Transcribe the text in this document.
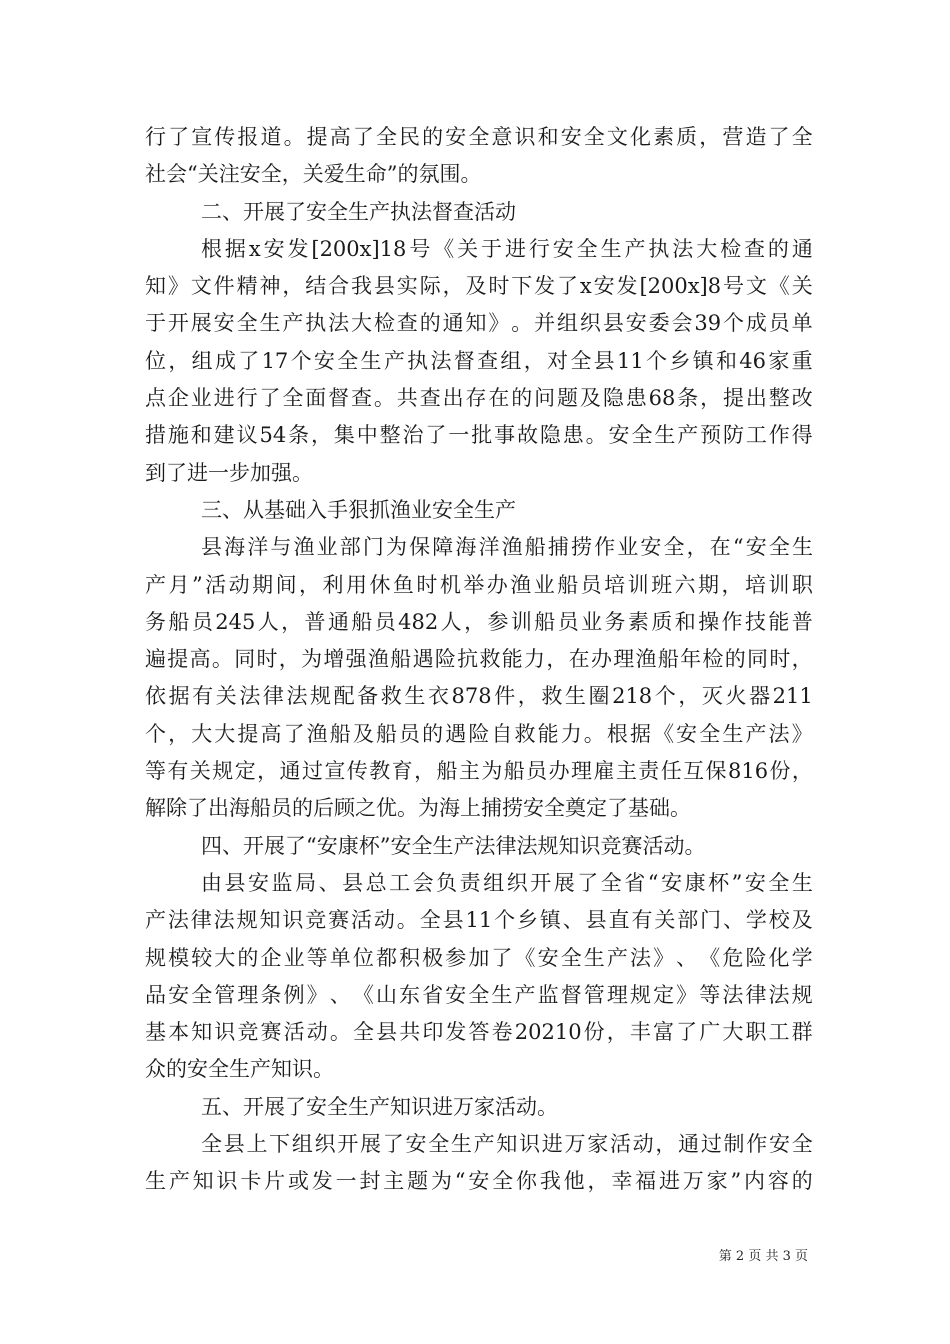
行 了 宣 传 报 道 。 提 高 了 全 民 的 安 全 意 识 和 安 全 文 化 素 质 ， 营 造 了 全
社会“关注安全，关爱生命”的氛围。
二、开展了安全生产执法督查活动
根 据 x 安 发 [200x]18 号 《 关 于 进 行 安 全 生 产 执 法 大 检 查 的 通
知 》 文 件 精 神 ， 结 合 我 县 实 际 ， 及 时 下 发 了 x 安 发 [200x]8 号 文 《 关
于 开 展 安 全 生 产 执 法 大 检 查 的 通 知 》 。 并 组 织 县 安 委 会 39 个 成 员 单
位 ， 组 成 了 17 个 安 全 生 产 执 法 督 查 组 ， 对 全 县 11 个 乡 镇 和 46 家 重
点 企 业 进 行 了 全 面 督 查 。 共 查 出 存 在 的 问 题 及 隐 患 68 条 ， 提 出 整 改
措 施 和 建 议 54 条 ， 集 中 整 治 了 一 批 事 故 隐 患 。 安 全 生 产 预 防 工 作 得
到了进一步加强。
三、从基础入手狠抓渔业安全生产
县 海 洋 与 渔 业 部 门 为 保 障 海 洋 渔 船 捕 捞 作 业 安 全 ， 在 “ 安 全 生
产 月 ” 活 动 期 间 ， 利 用 休 鱼 时 机 举 办 渔 业 船 员 培 训 班 六 期 ， 培 训 职
务 船 员 245 人 ， 普 通 船 员 482 人 ， 参 训 船 员 业 务 素 质 和 操 作 技 能 普
遍 提 高 。 同 时 ， 为 增 强 渔 船 遇 险 抗 救 能 力 ， 在 办 理 渔 船 年 检 的 同 时 ，
依 据 有 关 法 律 法 规 配 备 救 生 衣 878 件 ， 救 生 圈 218 个 ， 灭 火 器 211
个 ， 大 大 提 高 了 渔 船 及 船 员 的 遇 险 自 救 能 力 。 根 据 《 安 全 生 产 法 》
等 有 关 规 定 ， 通 过 宣 传 教 育 ， 船 主 为 船 员 办 理 雇 主 责 任 互 保 816 份 ，
解除了出海船员的后顾之优。为海上捕捞安全奠定了基础。
四、开展了“安康杯”安全生产法律法规知识竞赛活动。
由 县 安 监 局 、 县 总 工 会 负 责 组 织 开 展 了 全 省 “ 安 康 杯 ” 安 全 生
产 法 律 法 规 知 识 竞 赛 活 动 。 全 县 11 个 乡 镇 、 县 直 有 关 部 门 、 学 校 及
规 模 较 大 的 企 业 等 单 位 都 积 极 参 加 了 《 安 全 生 产 法 》 、 《 危 险 化 学
品 安 全 管 理 条 例 》 、 《 山 东 省 安 全 生 产 监 督 管 理 规 定 》 等 法 律 法 规
基 本 知 识 竞 赛 活 动 。 全 县 共 印 发 答 卷 20210 份 ， 丰 富 了 广 大 职 工 群
众的安全生产知识。
五、开展了安全生产知识进万家活动。
全 县 上 下 组 织 开 展 了 安 全 生 产 知 识 进 万 家 活 动 ， 通 过 制 作 安 全
生 产 知 识 卡 片 或 发 一 封 主 题 为 “ 安 全 你 我 他 ， 幸 福 进 万 家 ” 内 容 的
第 2 页 共 3 页
